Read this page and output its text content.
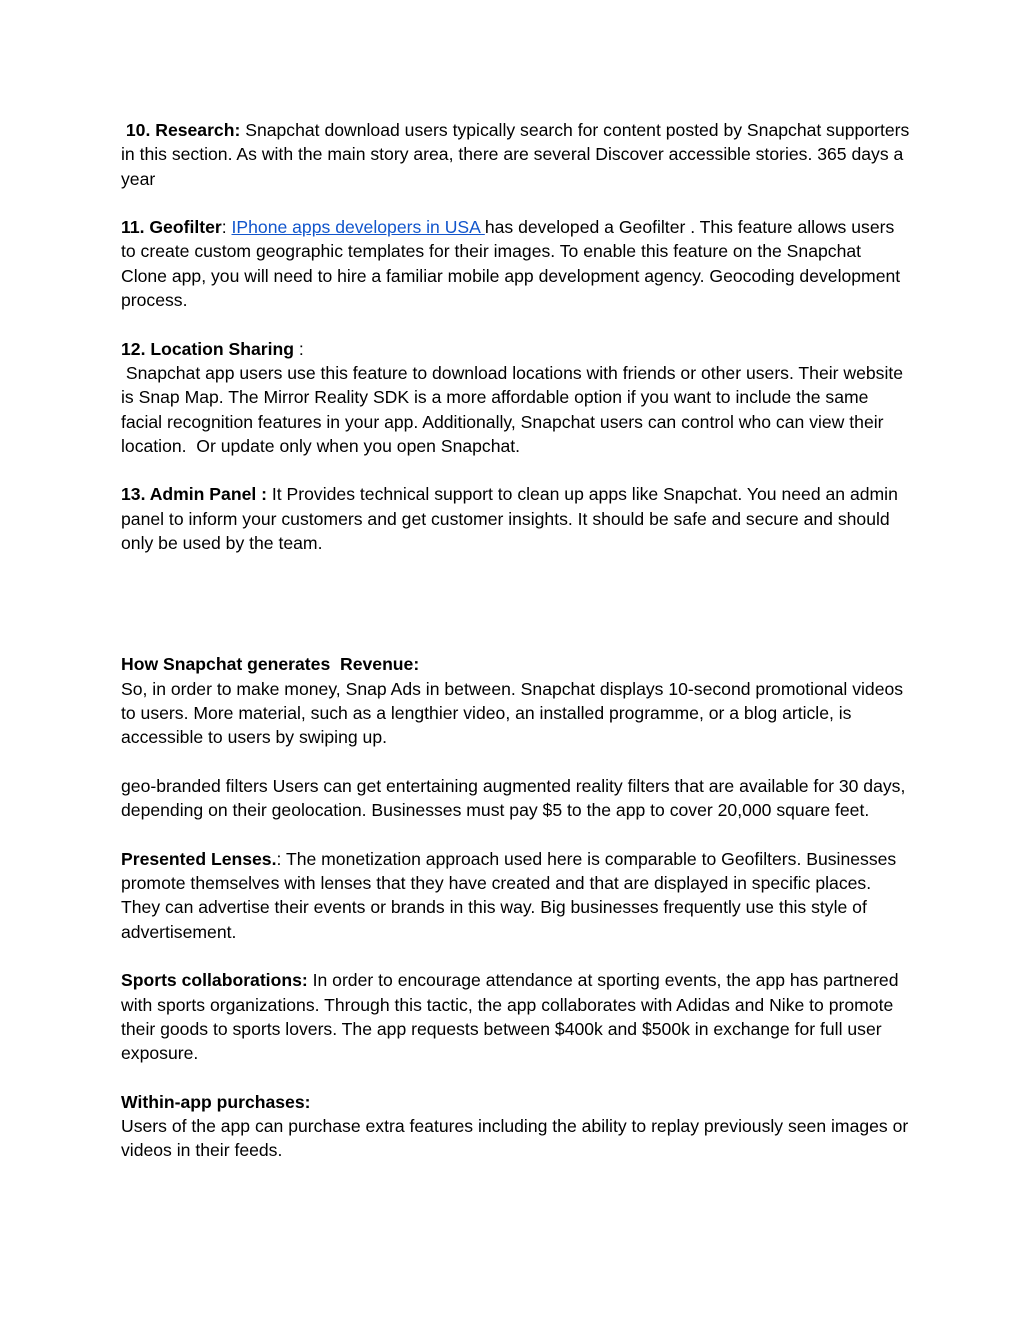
10. Research: Snapchat download users typically search for content posted by Snapchat supporters in this section. As with the main story area, there are several Discover accessible stories. 365 days a year

11. Geofilter: IPhone apps developers in USA has developed a Geofilter . This feature allows users to create custom geographic templates for their images. To enable this feature on the Snapchat Clone app, you will need to hire a familiar mobile app development agency. Geocoding development process.

12. Location Sharing :

Snapchat app users use this feature to download locations with friends or other users. Their website is Snap Map. The Mirror Reality SDK is a more affordable option if you want to include the same facial recognition features in your app. Additionally, Snapchat users can control who can view their location.  Or update only when you open Snapchat.

13. Admin Panel : It Provides technical support to clean up apps like Snapchat. You need an admin panel to inform your customers and get customer insights. It should be safe and secure and should only be used by the team.

How Snapchat generates  Revenue:

So, in order to make money, Snap Ads in between. Snapchat displays 10-second promotional videos to users. More material, such as a lengthier video, an installed programme, or a blog article, is accessible to users by swiping up.

geo-branded filters Users can get entertaining augmented reality filters that are available for 30 days, depending on their geolocation. Businesses must pay $5 to the app to cover 20,000 square feet.

Presented Lenses.: The monetization approach used here is comparable to Geofilters. Businesses promote themselves with lenses that they have created and that are displayed in specific places. They can advertise their events or brands in this way. Big businesses frequently use this style of advertisement.

Sports collaborations: In order to encourage attendance at sporting events, the app has partnered with sports organizations. Through this tactic, the app collaborates with Adidas and Nike to promote their goods to sports lovers. The app requests between $400k and $500k in exchange for full user exposure.

Within-app purchases:

Users of the app can purchase extra features including the ability to replay previously seen images or videos in their feeds.
